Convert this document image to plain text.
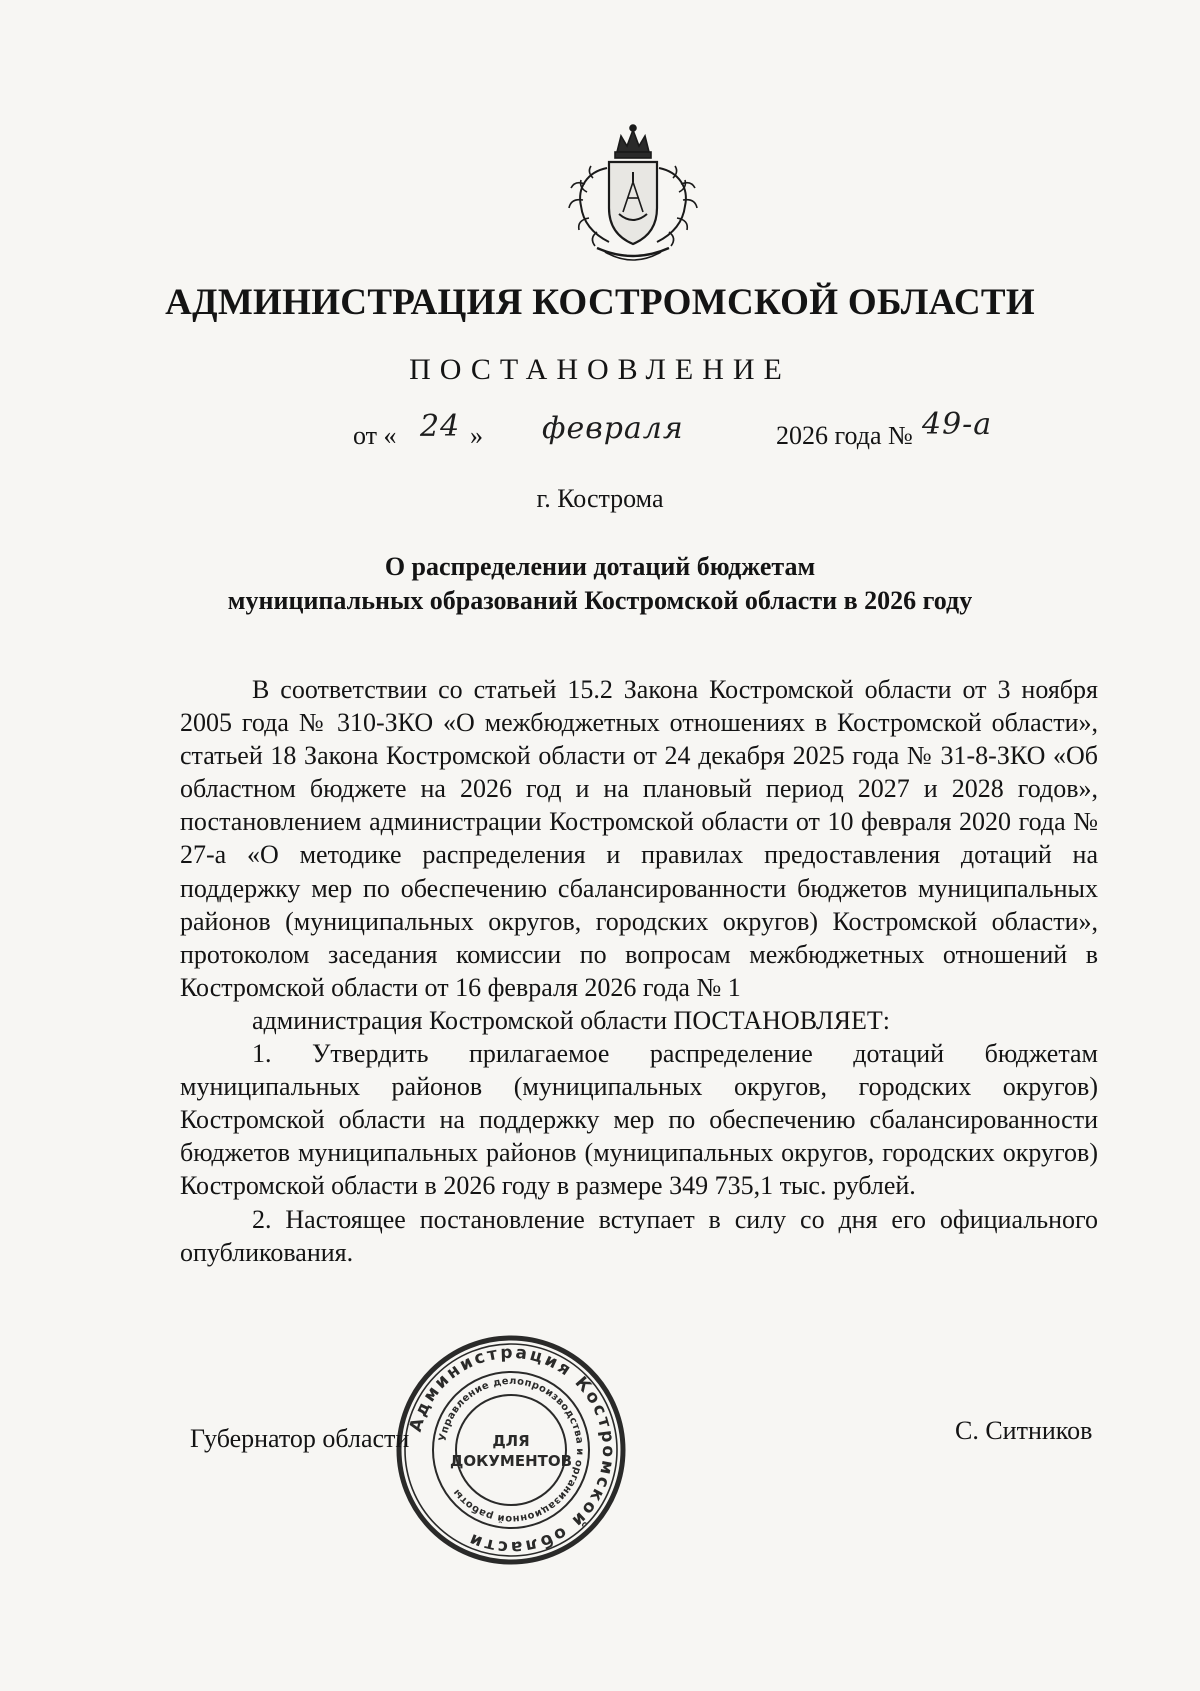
АДМИНИСТРАЦИЯ КОСТРОМСКОЙ ОБЛАСТИ
ПОСТАНОВЛЕНИЕ
от « 24 » февраля	2026 года № 49-а
г. Кострома
О распределении дотаций бюджетам
муниципальных образований Костромской области в 2026 году

В соответствии со статьей 15.2 Закона Костромской области от 3 ноября 2005 года № 310-ЗКО «О межбюджетных отношениях в Костромской области», статьей 18 Закона Костромской области от 24 декабря 2025 года № 31-8-ЗКО «Об областном бюджете на 2026 год и на плановый период 2027 и 2028 годов», постановлением администрации Костромской области от 10 февраля 2020 года № 27-а «О методике распределения и правилах предоставления дотаций на поддержку мер по обеспечению сбалансированности бюджетов муниципальных районов (муниципальных округов, городских округов) Костромской области», протоколом заседания комиссии по вопросам межбюджетных отношений в Костромской области от 16 февраля 2026 года № 1

администрация Костромской области ПОСТАНОВЛЯЕТ:

1. Утвердить прилагаемое распределение дотаций бюджетам муниципальных районов (муниципальных округов, городских округов) Костромской области на поддержку мер по обеспечению сбалансированности бюджетов муниципальных районов (муниципальных округов, городских округов) Костромской области в 2026 году в размере 349 735,1 тыс. рублей.

2. Настоящее постановление вступает в силу со дня его официального опубликования.

Губернатор области	С. Ситников
Администрация Костромской области
Управление делопроизводства и организационной работы
ДЛЯ
ДОКУМЕНТОВ
